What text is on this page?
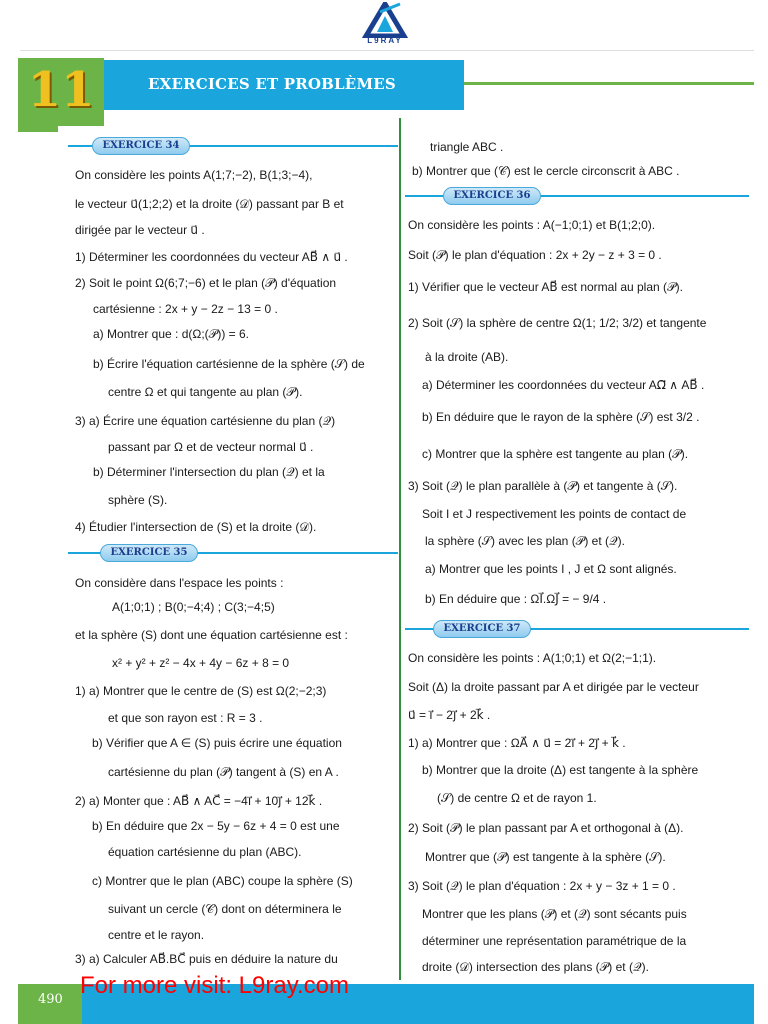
L9RAY
11	EXERCICES ET PROBLÈMES
EXERCICE 34
On considère les points A(1;7;−2), B(1;3;−4),
le vecteur u⃗(1;2;2) et la droite (𝒟) passant par B et
dirigée par le vecteur u⃗ .
1) Déterminer les coordonnées du vecteur AB⃗ ∧ u⃗ .
2) Soit le point Ω(6;7;−6) et le plan (𝒫) d'équation
cartésienne : 2x + y − 2z − 13 = 0 .
a) Montrer que : d(Ω;(𝒫)) = 6.
b) Écrire l'équation cartésienne de la sphère (𝒮) de
centre Ω et qui tangente au plan (𝒫).
3) a) Écrire une équation cartésienne du plan (𝒬)
passant par Ω et de vecteur normal u⃗ .
b) Déterminer l'intersection du plan (𝒬) et la
sphère (S).
4) Étudier l'intersection de (S) et la droite (𝒟).
EXERCICE 35
On considère dans l'espace les points :
A(1;0;1) ; B(0;−4;4) ; C(3;−4;5)
et la sphère (S) dont une équation cartésienne est :
x² + y² + z² − 4x + 4y − 6z + 8 = 0
1) a) Montrer que le centre de (S) est Ω(2;−2;3)
et que son rayon est : R = 3 .
b) Vérifier que A ∈ (S) puis écrire une équation
cartésienne du plan (𝒫) tangent à (S) en A .
2) a) Monter que : AB⃗ ∧ AC⃗ = −4i⃗ + 10j⃗ + 12k⃗ .
b) En déduire que 2x − 5y − 6z + 4 = 0 est une
équation cartésienne du plan (ABC).
c) Montrer que le plan (ABC) coupe la sphère (S)
suivant un cercle (𝒞) dont on déterminera le
centre et le rayon.
3) a) Calculer AB⃗.BC⃗ puis en déduire la nature du
triangle ABC .
b) Montrer que (𝒞) est le cercle circonscrit à ABC .
EXERCICE 36
On considère les points : A(−1;0;1) et B(1;2;0).
Soit (𝒫) le plan d'équation : 2x + 2y − z + 3 = 0 .
1) Vérifier que le vecteur AB⃗ est normal au plan (𝒫).
2) Soit (𝒮) la sphère de centre Ω(1; 1/2; 3/2) et tangente
à la droite (AB).
a) Déterminer les coordonnées du vecteur AΩ⃗ ∧ AB⃗ .
b) En déduire que le rayon de la sphère (𝒮) est 3/2 .
c) Montrer que la sphère est tangente au plan (𝒫).
3) Soit (𝒬) le plan parallèle à (𝒫) et tangente à (𝒮).
Soit I et J respectivement les points de contact de
la sphère (𝒮) avec les plan (𝒫) et (𝒬).
a) Montrer que les points I , J et Ω sont alignés.
b) En déduire que : ΩI⃗.ΩJ⃗ = − 9/4 .
EXERCICE 37
On considère les points : A(1;0;1) et Ω(2;−1;1).
Soit (Δ) la droite passant par A et dirigée par le vecteur
u⃗ = i⃗ − 2j⃗ + 2k⃗ .
1) a) Montrer que : ΩA⃗ ∧ u⃗ = 2i⃗ + 2j⃗ + k⃗ .
b) Montrer que la droite (Δ) est tangente à la sphère
(𝒮) de centre Ω et de rayon 1.
2) Soit (𝒫) le plan passant par A et orthogonal à (Δ).
Montrer que (𝒫) est tangente à la sphère (𝒮).
3) Soit (𝒬) le plan d'équation : 2x + y − 3z + 1 = 0 .
Montrer que les plans (𝒫) et (𝒬) sont sécants puis
déterminer une représentation paramétrique de la
droite (𝒟) intersection des plans (𝒫) et (𝒬).
490
For more visit: L9ray.com
